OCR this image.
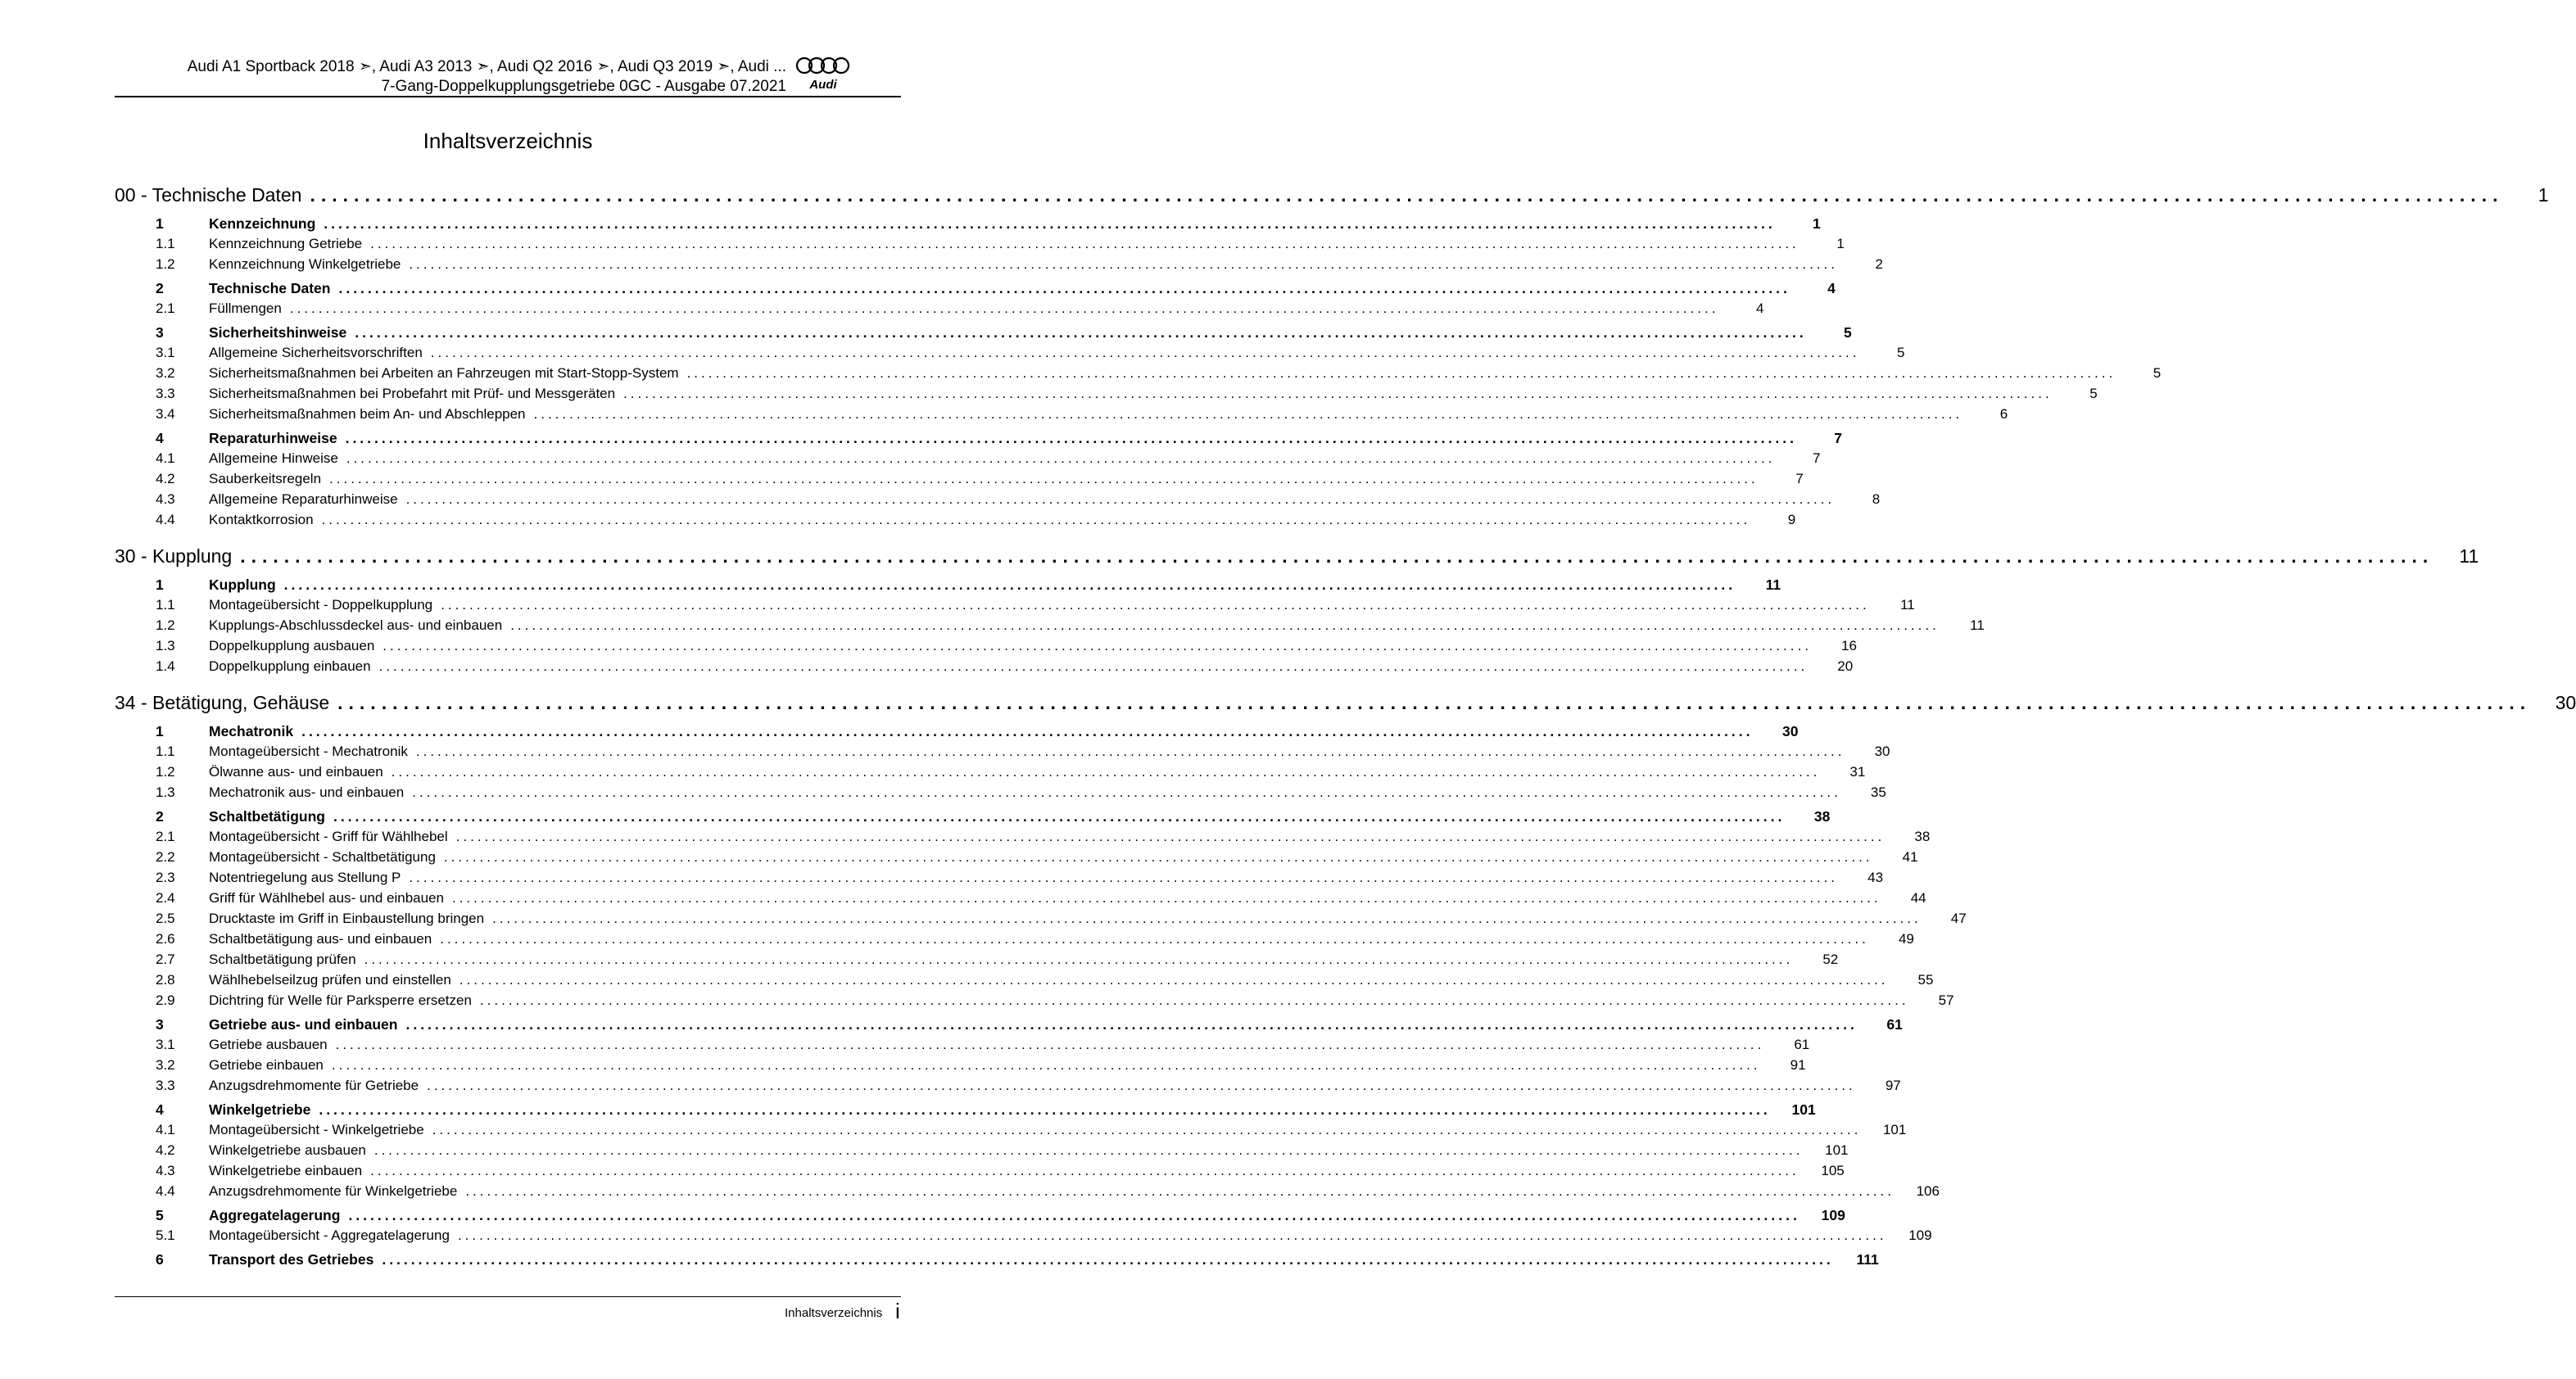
Audi A1 Sportback 2018 ➣, Audi A3 2013 ➣, Audi Q2 2016 ➣, Audi Q3 2019 ➣, Audi ...
7-Gang-Doppelkupplungsgetriebe 0GC - Ausgabe 07.2021 Audi
Inhaltsverzeichnis
00 - Technische Daten ........................................................................................................................................................................................................	1
1	Kennzeichnung ........................................................................................................................................................................................................	1
1.1	Kennzeichnung Getriebe ........................................................................................................................................................................................................	1
1.2	Kennzeichnung Winkelgetriebe ........................................................................................................................................................................................................	2
2	Technische Daten ........................................................................................................................................................................................................	4
2.1	Füllmengen ........................................................................................................................................................................................................	4
3	Sicherheitshinweise ........................................................................................................................................................................................................	5
3.1	Allgemeine Sicherheitsvorschriften ........................................................................................................................................................................................................	5
3.2	Sicherheitsmaßnahmen bei Arbeiten an Fahrzeugen mit Start-Stopp-System ........................................................................................................................................................................................................	5
3.3	Sicherheitsmaßnahmen bei Probefahrt mit Prüf- und Messgeräten ........................................................................................................................................................................................................	5
3.4	Sicherheitsmaßnahmen beim An- und Abschleppen ........................................................................................................................................................................................................	6
4	Reparaturhinweise ........................................................................................................................................................................................................	7
4.1	Allgemeine Hinweise ........................................................................................................................................................................................................	7
4.2	Sauberkeitsregeln ........................................................................................................................................................................................................	7
4.3	Allgemeine Reparaturhinweise ........................................................................................................................................................................................................	8
4.4	Kontaktkorrosion ........................................................................................................................................................................................................	9
30 - Kupplung ........................................................................................................................................................................................................	11
1	Kupplung ........................................................................................................................................................................................................	11
1.1	Montageübersicht - Doppelkupplung ........................................................................................................................................................................................................	11
1.2	Kupplungs-Abschlussdeckel aus- und einbauen ........................................................................................................................................................................................................	11
1.3	Doppelkupplung ausbauen ........................................................................................................................................................................................................	16
1.4	Doppelkupplung einbauen ........................................................................................................................................................................................................	20
34 - Betätigung, Gehäuse ........................................................................................................................................................................................................	30
1	Mechatronik ........................................................................................................................................................................................................	30
1.1	Montageübersicht - Mechatronik ........................................................................................................................................................................................................	30
1.2	Ölwanne aus- und einbauen ........................................................................................................................................................................................................	31
1.3	Mechatronik aus- und einbauen ........................................................................................................................................................................................................	35
2	Schaltbetätigung ........................................................................................................................................................................................................	38
2.1	Montageübersicht - Griff für Wählhebel ........................................................................................................................................................................................................	38
2.2	Montageübersicht - Schaltbetätigung ........................................................................................................................................................................................................	41
2.3	Notentriegelung aus Stellung P ........................................................................................................................................................................................................	43
2.4	Griff für Wählhebel aus- und einbauen ........................................................................................................................................................................................................	44
2.5	Drucktaste im Griff in Einbaustellung bringen ........................................................................................................................................................................................................	47
2.6	Schaltbetätigung aus- und einbauen ........................................................................................................................................................................................................	49
2.7	Schaltbetätigung prüfen ........................................................................................................................................................................................................	52
2.8	Wählhebelseilzug prüfen und einstellen ........................................................................................................................................................................................................	55
2.9	Dichtring für Welle für Parksperre ersetzen ........................................................................................................................................................................................................	57
3	Getriebe aus- und einbauen ........................................................................................................................................................................................................	61
3.1	Getriebe ausbauen ........................................................................................................................................................................................................	61
3.2	Getriebe einbauen ........................................................................................................................................................................................................	91
3.3	Anzugsdrehmomente für Getriebe ........................................................................................................................................................................................................	97
4	Winkelgetriebe ........................................................................................................................................................................................................	101
4.1	Montageübersicht - Winkelgetriebe ........................................................................................................................................................................................................	101
4.2	Winkelgetriebe ausbauen ........................................................................................................................................................................................................	101
4.3	Winkelgetriebe einbauen ........................................................................................................................................................................................................	105
4.4	Anzugsdrehmomente für Winkelgetriebe ........................................................................................................................................................................................................	106
5	Aggregatelagerung ........................................................................................................................................................................................................	109
5.1	Montageübersicht - Aggregatelagerung ........................................................................................................................................................................................................	109
6	Transport des Getriebes ........................................................................................................................................................................................................	111
Inhaltsverzeichnis i
